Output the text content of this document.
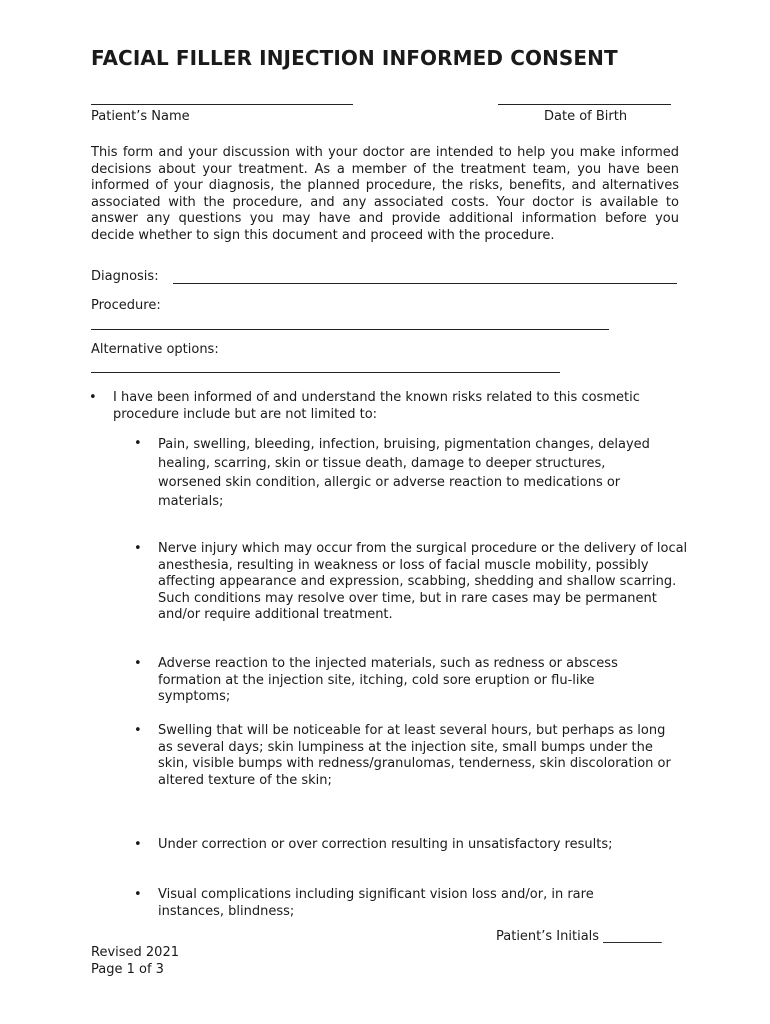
FACIAL FILLER INJECTION INFORMED CONSENT
Patient’s Name	Date of Birth
This form and your discussion with your doctor are intended to help you make informed decisions about your treatment. As a member of the treatment team, you have been informed of your diagnosis, the planned procedure, the risks, benefits, and alternatives associated with the procedure, and any associated costs. Your doctor is available to answer any questions you may have and provide additional information before you decide whether to sign this document and proceed with the procedure.
Diagnosis:
Procedure:
Alternative options:
• I have been informed of and understand the known risks related to this cosmetic procedure include but are not limited to:
• Pain, swelling, bleeding, infection, bruising, pigmentation changes, delayed healing, scarring, skin or tissue death, damage to deeper structures, worsened skin condition, allergic or adverse reaction to medications or materials;
• Nerve injury which may occur from the surgical procedure or the delivery of local anesthesia, resulting in weakness or loss of facial muscle mobility, possibly affecting appearance and expression, scabbing, shedding and shallow scarring. Such conditions may resolve over time, but in rare cases may be permanent and/or require additional treatment.
• Adverse reaction to the injected materials, such as redness or abscess formation at the injection site, itching, cold sore eruption or flu-like symptoms;
• Swelling that will be noticeable for at least several hours, but perhaps as long as several days; skin lumpiness at the injection site, small bumps under the skin, visible bumps with redness/granulomas, tenderness, skin discoloration or altered texture of the skin;
• Under correction or over correction resulting in unsatisfactory results;
• Visual complications including significant vision loss and/or, in rare instances, blindness;
Patient’s Initials _________
Revised 2021
Page 1 of 3
